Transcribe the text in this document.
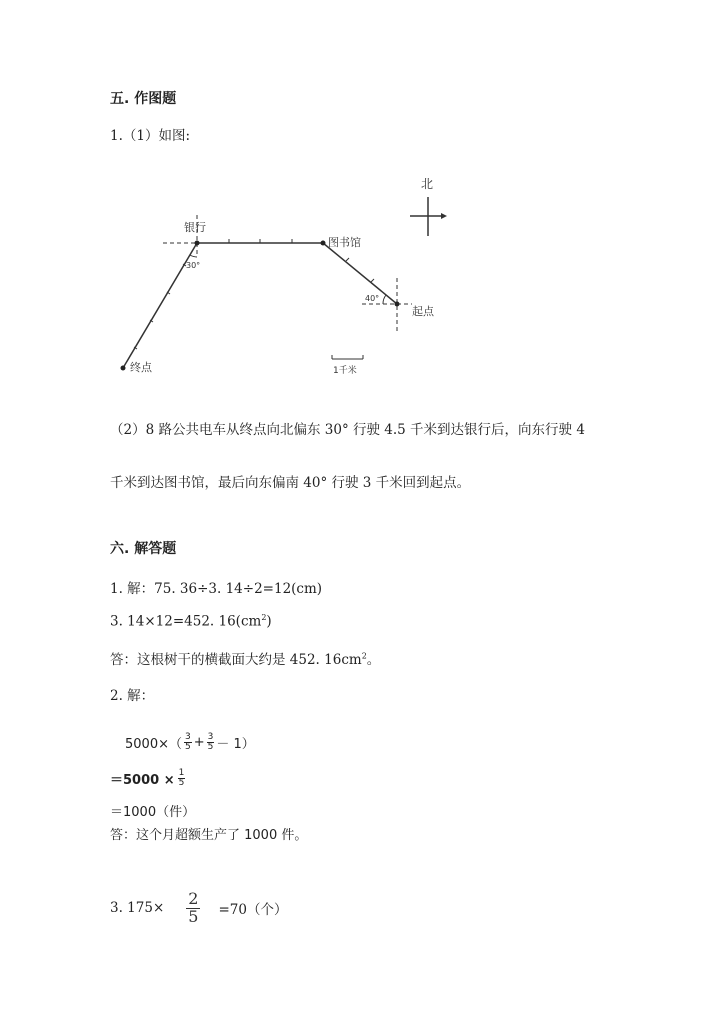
五. 作图题
1.（1）如图:
北
银行
30°
图书馆
40°
起点
终点	1千米
（2）8 路公共电车从终点向北偏东 30° 行驶 4.5 千米到达银行后，向东行驶 4
千米到达图书馆，最后向东偏南 40° 行驶 3 千米回到起点。
六. 解答题
1. 解：75. 36÷3. 14÷2=12(cm)
3. 14×12=452. $16(cm^2)$
答：这根树干的横截面大约是 452. $16cm^2$。
2. 解：
$5000\times( \frac{3}{5} + \frac{3}{5} - 1)$
$=5000 \times \frac{1}{5}$
＝1000（件）
答：这个月超额生产了 1000 件。
3. $175\times \frac{2}{5} =70$（个）
